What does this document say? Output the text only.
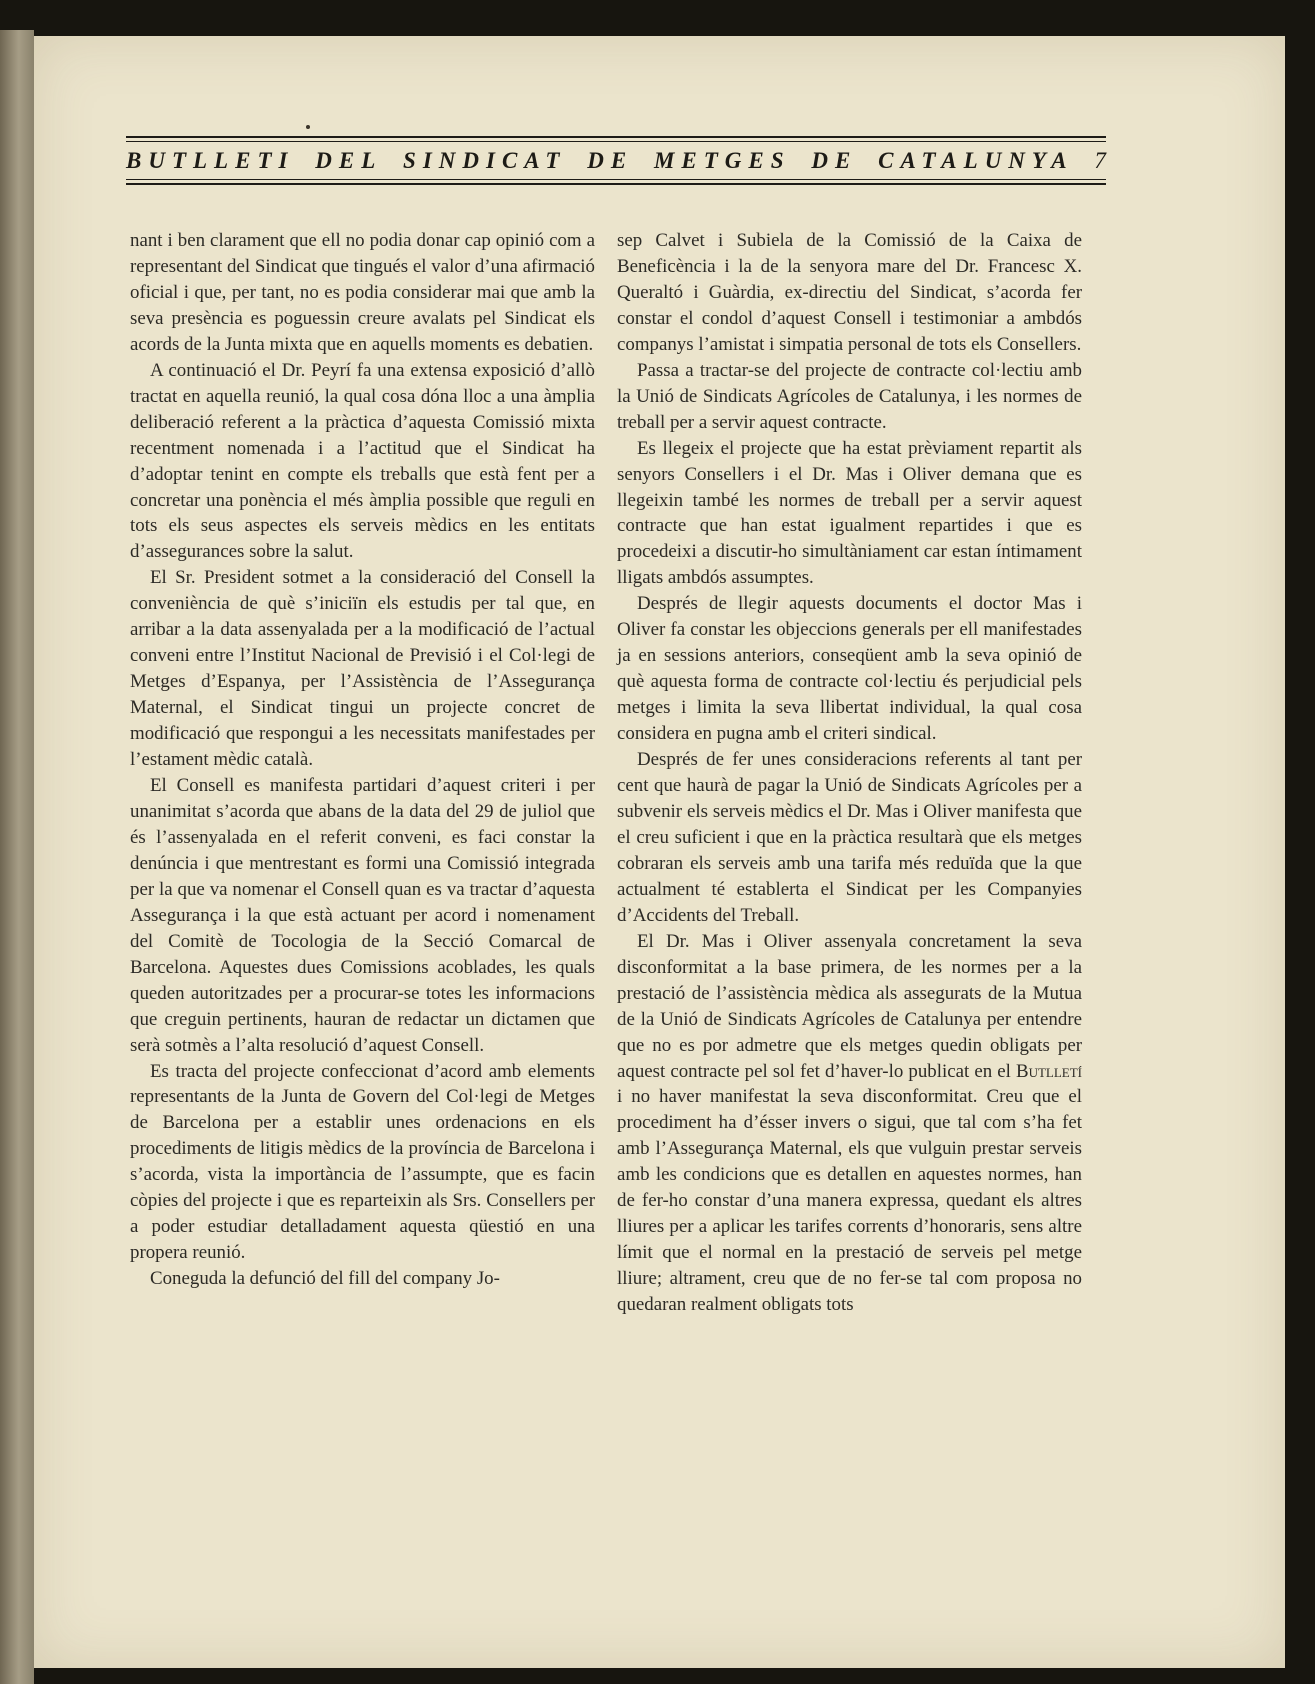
BUTLLETI DEL SINDICAT DE METGES DE CATALUNYA 7

nant i ben clarament que ell no podia donar cap opinió com a representant del Sindicat que tingués el valor d’una afirmació oficial i que, per tant, no es podia considerar mai que amb la seva presència es poguessin creure avalats pel Sindicat els acords de la Junta mixta que en aquells moments es debatien.

A continuació el Dr. Peyrí fa una extensa exposició d’allò tractat en aquella reunió, la qual cosa dóna lloc a una àmplia deliberació referent a la pràctica d’aquesta Comissió mixta recentment nomenada i a l’actitud que el Sindicat ha d’adoptar tenint en compte els treballs que està fent per a concretar una ponència el més àmplia possible que reguli en tots els seus aspectes els serveis mèdics en les entitats d’assegurances sobre la salut.

El Sr. President sotmet a la consideració del Consell la conveniència de què s’iniciïn els estudis per tal que, en arribar a la data assenyalada per a la modificació de l’actual conveni entre l’Institut Nacional de Previsió i el Col·legi de Metges d’Espanya, per l’Assistència de l’Assegurança Maternal, el Sindicat tingui un projecte concret de modificació que respongui a les necessitats manifestades per l’estament mèdic català.

El Consell es manifesta partidari d’aquest criteri i per unanimitat s’acorda que abans de la data del 29 de juliol que és l’assenyalada en el referit conveni, es faci constar la denúncia i que mentrestant es formi una Comissió integrada per la que va nomenar el Consell quan es va tractar d’aquesta Assegurança i la que està actuant per acord i nomenament del Comitè de Tocologia de la Secció Comarcal de Barcelona. Aquestes dues Comissions acoblades, les quals queden autoritzades per a procurar-se totes les informacions que creguin pertinents, hauran de redactar un dictamen que serà sotmès a l’alta resolució d’aquest Consell.

Es tracta del projecte confeccionat d’acord amb elements representants de la Junta de Govern del Col·legi de Metges de Barcelona per a establir unes ordenacions en els procediments de litigis mèdics de la província de Barcelona i s’acorda, vista la importància de l’assumpte, que es facin còpies del projecte i que es reparteixin als Srs. Consellers per a poder estudiar detalladament aquesta qüestió en una propera reunió.

Coneguda la defunció del fill del company Jo-

sep Calvet i Subiela de la Comissió de la Caixa de Beneficència i la de la senyora mare del Dr. Francesc X. Queraltó i Guàrdia, ex-directiu del Sindicat, s’acorda fer constar el condol d’aquest Consell i testimoniar a ambdós companys l’amistat i simpatia personal de tots els Consellers.

Passa a tractar-se del projecte de contracte col·lectiu amb la Unió de Sindicats Agrícoles de Catalunya, i les normes de treball per a servir aquest contracte.

Es llegeix el projecte que ha estat prèviament repartit als senyors Consellers i el Dr. Mas i Oliver demana que es llegeixin també les normes de treball per a servir aquest contracte que han estat igualment repartides i que es procedeixi a discutir-ho simultàniament car estan íntimament lligats ambdós assumptes.

Després de llegir aquests documents el doctor Mas i Oliver fa constar les objeccions generals per ell manifestades ja en sessions anteriors, conseqüent amb la seva opinió de què aquesta forma de contracte col·lectiu és perjudicial pels metges i limita la seva llibertat individual, la qual cosa considera en pugna amb el criteri sindical.

Després de fer unes consideracions referents al tant per cent que haurà de pagar la Unió de Sindicats Agrícoles per a subvenir els serveis mèdics el Dr. Mas i Oliver manifesta que el creu suficient i que en la pràctica resultarà que els metges cobraran els serveis amb una tarifa més reduïda que la que actualment té establerta el Sindicat per les Companyies d’Accidents del Treball.

El Dr. Mas i Oliver assenyala concretament la seva disconformitat a la base primera, de les normes per a la prestació de l’assistència mèdica als assegurats de la Mutua de la Unió de Sindicats Agrícoles de Catalunya per entendre que no es por admetre que els metges quedin obligats per aquest contracte pel sol fet d’haver-lo publicat en el Butlletí i no haver manifestat la seva disconformitat. Creu que el procediment ha d’ésser invers o sigui, que tal com s’ha fet amb l’Assegurança Maternal, els que vulguin prestar serveis amb les condicions que es detallen en aquestes normes, han de fer-ho constar d’una manera expressa, quedant els altres lliures per a aplicar les tarifes corrents d’honoraris, sens altre límit que el normal en la prestació de serveis pel metge lliure; altrament, creu que de no fer-se tal com proposa no quedaran realment obligats tots
